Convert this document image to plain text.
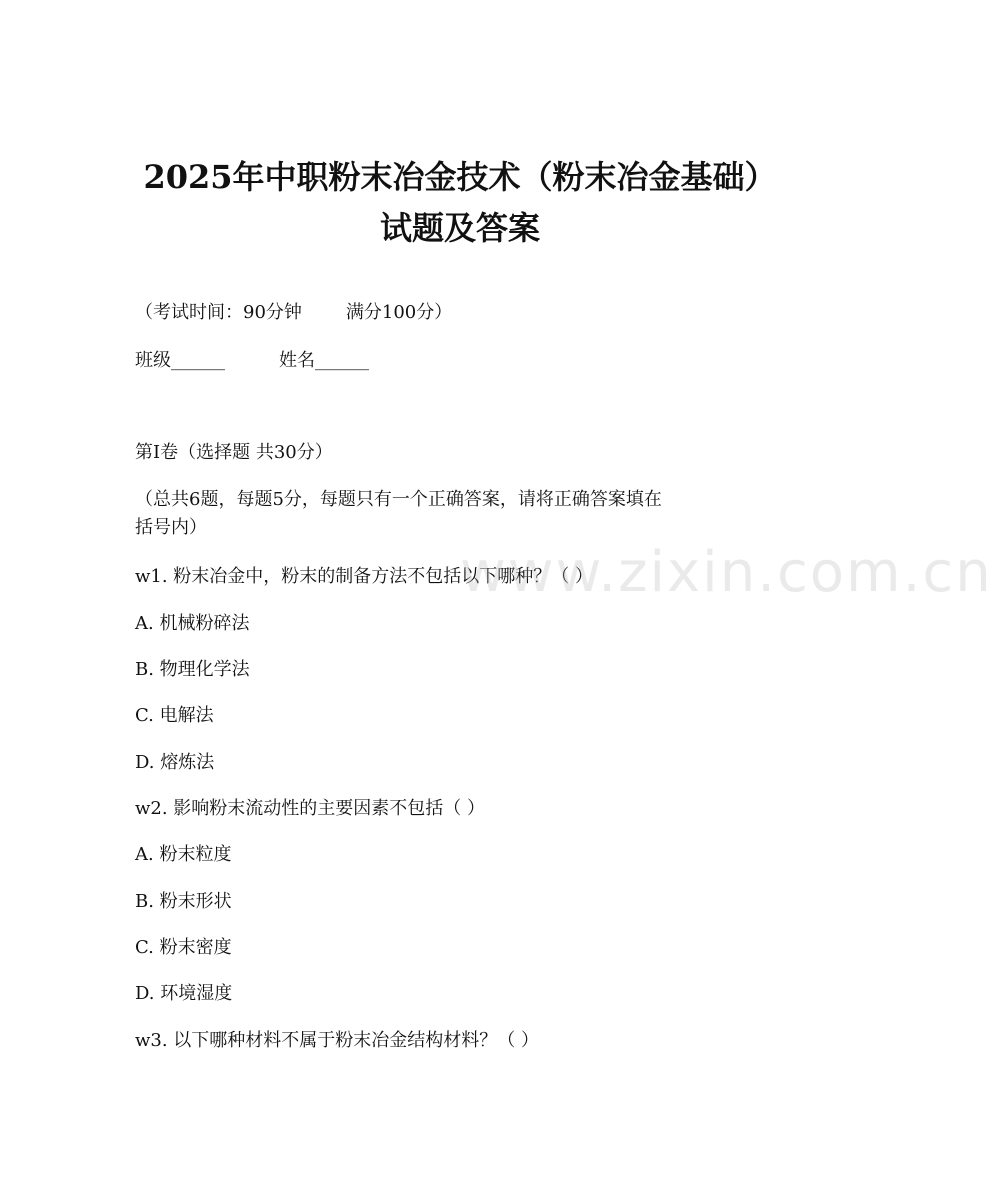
2025年中职粉末冶金技术（粉末冶金基础）
试题及答案
（考试时间：90分钟 满分100分）
班级______	姓名______
第Ⅰ卷（选择题 共30分）
（总共6题，每题5分，每题只有一个正确答案，请将正确答案填在
括号内）
w1. 粉末冶金中，粉末的制备方法不包括以下哪种？（ ）
A. 机械粉碎法
B. 物理化学法
C. 电解法
D. 熔炼法
w2. 影响粉末流动性的主要因素不包括（ ）
A. 粉末粒度
B. 粉末形状
C. 粉末密度
D. 环境湿度
w3. 以下哪种材料不属于粉末冶金结构材料？（ ）
www.zixin.com.cn
